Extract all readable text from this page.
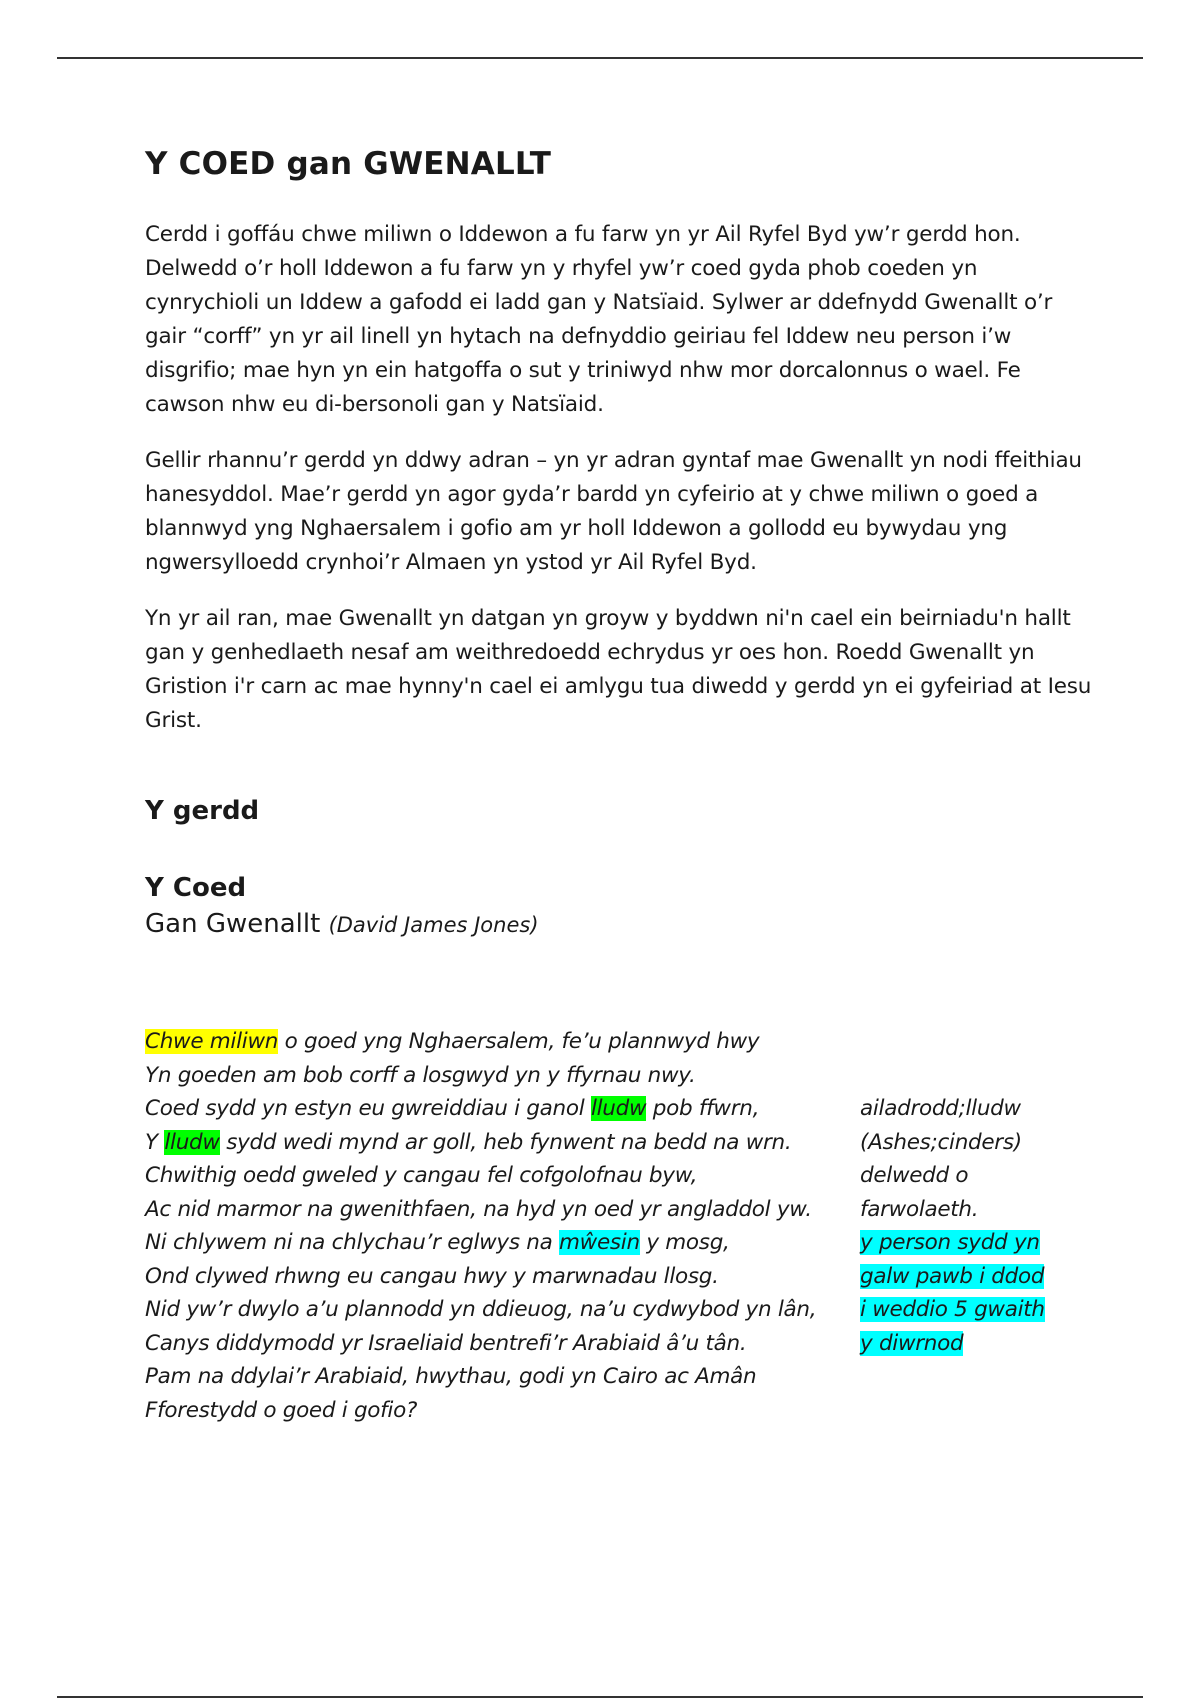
Y COED gan GWENALLT

Cerdd i goffáu chwe miliwn o Iddewon a fu farw yn yr Ail Ryfel Byd yw’r gerdd hon. Delwedd o’r holl Iddewon a fu farw yn y rhyfel yw’r coed gyda phob coeden yn cynrychioli un Iddew a gafodd ei ladd gan y Natsïaid. Sylwer ar ddefnydd Gwenallt o’r gair “corff” yn yr ail linell yn hytach na defnyddio geiriau fel Iddew neu person i’w disgrifio; mae hyn yn ein hatgoffa o sut y triniwyd nhw mor dorcalonnus o wael. Fe cawson nhw eu di-bersonoli gan y Natsïaid.

Gellir rhannu’r gerdd yn ddwy adran – yn yr adran gyntaf mae Gwenallt yn nodi ffeithiau hanesyddol. Mae’r gerdd yn agor gyda’r bardd yn cyfeirio at y chwe miliwn o goed a blannwyd yng Nghaersalem i gofio am yr holl Iddewon a gollodd eu bywydau yng ngwersylloedd crynhoi’r Almaen yn ystod yr Ail Ryfel Byd.

Yn yr ail ran, mae Gwenallt yn datgan yn groyw y byddwn ni'n cael ein beirniadu'n hallt gan y genhedlaeth nesaf am weithredoedd echrydus yr oes hon. Roedd Gwenallt yn Gristion i'r carn ac mae hynny'n cael ei amlygu tua diwedd y gerdd yn ei gyfeiriad at Iesu Grist.

Y gerdd
Y Coed

Gan Gwenallt (David James Jones)

Chwe miliwn o goed yng Nghaersalem, fe’u plannwyd hwy
Yn goeden am bob corff a losgwyd yn y ffyrnau nwy.
Coed sydd yn estyn eu gwreiddiau i ganol lludw pob ffwrn,
Y lludw sydd wedi mynd ar goll, heb fynwent na bedd na wrn.
Chwithig oedd gweled y cangau fel cofgolofnau byw,
Ac nid marmor na gwenithfaen, na hyd yn oed yr angladdol yw.
Ni chlywem ni na chlychau’r eglwys na mŵesin y mosg,
Ond clywed rhwng eu cangau hwy y marwnadau llosg.
Nid yw’r dwylo a’u plannodd yn ddieuog, na’u cydwybod yn lân,
Canys diddymodd yr Israeliaid bentrefi’r Arabiaid â’u tân.
Pam na ddylai’r Arabiaid, hwythau, godi yn Cairo ac Amân
Fforestydd o goed i gofio?
ailadrodd;lludw
(Ashes;cinders)
delwedd o
farwolaeth.
y person sydd yn
galw pawb i ddod
i weddio 5 gwaith
y diwrnod
